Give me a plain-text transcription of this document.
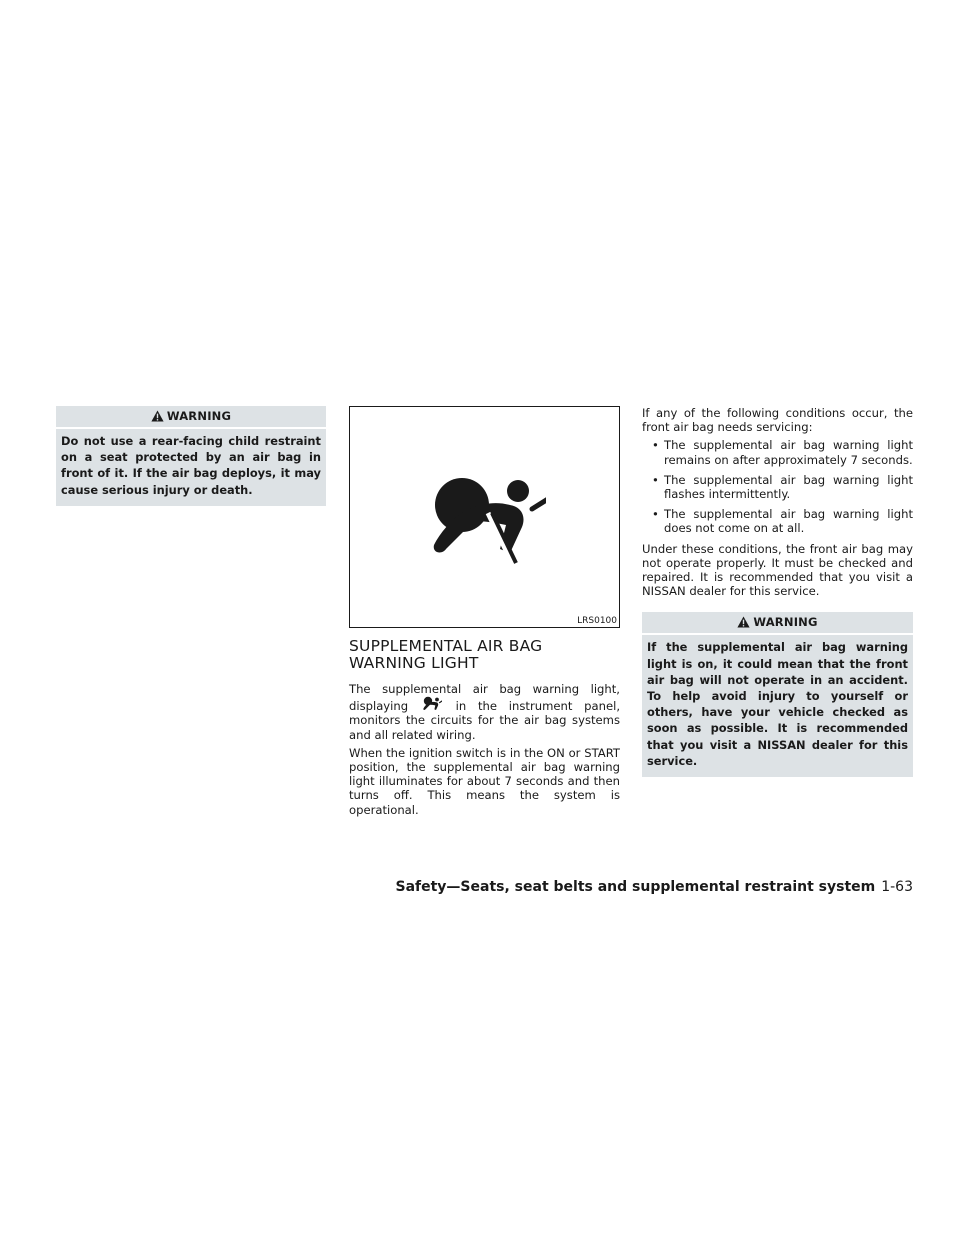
WARNING
Do not use a rear-facing child restraint on a seat protected by an air bag in front of it. If the air bag deploys, it may cause serious injury or death.
LRS0100
SUPPLEMENTAL AIR BAG WARNING LIGHT

The supplemental air bag warning light, displaying	in the instrument panel, monitors the circuits for the air bag systems and all related wiring.

When the ignition switch is in the ON or START position, the supplemental air bag warning light illuminates for about 7 seconds and then turns off. This means the system is operational.

If any of the following conditions occur, the front air bag needs servicing:

• The supplemental air bag warning light remains on after approximately 7 seconds.
• The supplemental air bag warning light flashes intermittently.
• The supplemental air bag warning light does not come on at all.

Under these conditions, the front air bag may not operate properly. It must be checked and repaired. It is recommended that you visit a NISSAN dealer for this service.

WARNING
If the supplemental air bag warning light is on, it could mean that the front air bag will not operate in an accident. To help avoid injury to yourself or others, have your vehicle checked as soon as possible. It is recommended that you visit a NISSAN dealer for this service.
Safety—Seats, seat belts and supplemental restraint system 1-63
